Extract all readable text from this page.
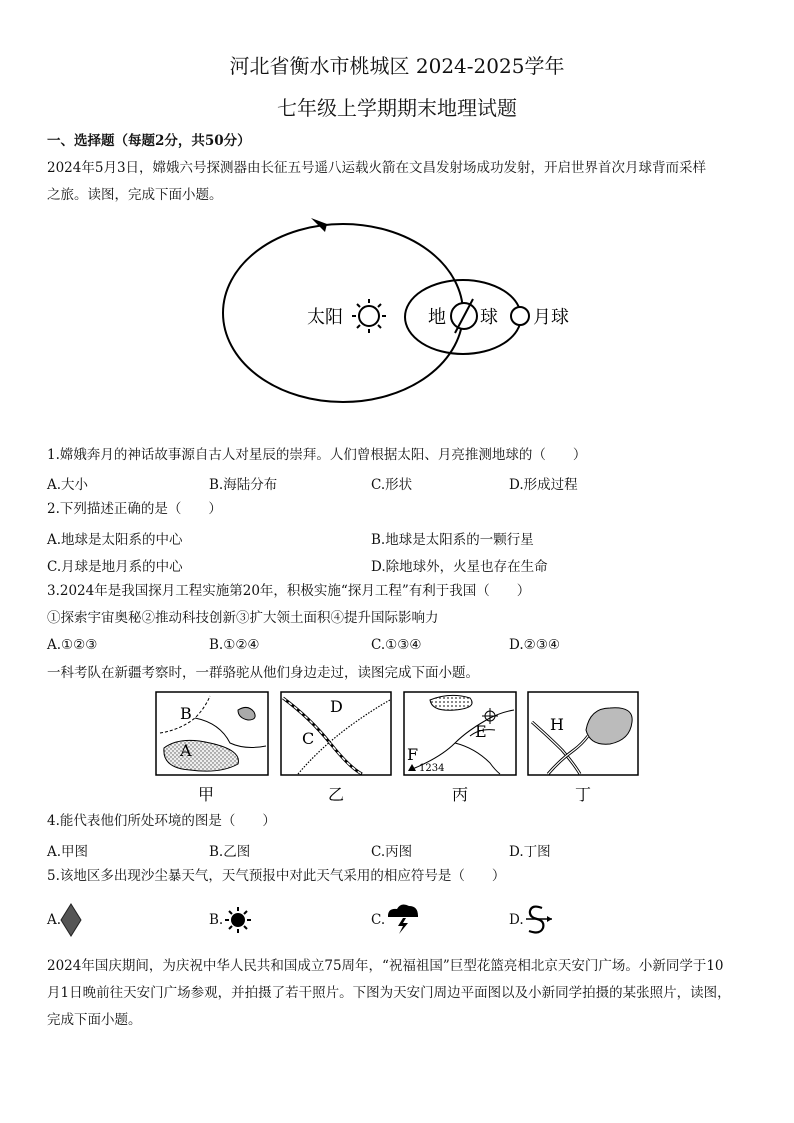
河北省衡水市桃城区 2024-2025学年
七年级上学期期末地理试题
一、选择题（每题2分，共50分）
2024年5月3日，嫦娥六号探测器由长征五号遥八运载火箭在文昌发射场成功发射，开启世界首次月球背而采样
之旅。读图，完成下面小题。
太阳	地 球 月球
1.嫦娥奔月的神话故事源自古人对星辰的崇拜。人们曾根据太阳、月亮推测地球的（　　）
A.大小	B.海陆分布	C.形状	D.形成过程
2.下列描述正确的是（　　）
A.地球是太阳系的中心	B.地球是太阳系的一颗行星
C.月球是地月系的中心	D.除地球外，火星也存在生命
3.2024年是我国探月工程实施第20年，积极实施“探月工程”有利于我国（　　）
①探索宇宙奥秘②推动科技创新③扩大领土面积④提升国际影响力
A.①②③	B.①②④	C.①③④	D.②③④
一科考队在新疆考察时，一群骆驼从他们身边走过，读图完成下面小题。
B
A
D
C	E
F
1234
H
甲	乙	丙	丁
4.能代表他们所处环境的图是（　　）
A.甲图	B.乙图	C.丙图	D.丁图
5.该地区多出现沙尘暴天气，天气预报中对此天气采用的相应符号是（　　）
A.	B.	C.	D.
2024年国庆期间，为庆祝中华人民共和国成立75周年，“祝福祖国”巨型花篮亮相北京天安门广场。小新同学于10
月1日晚前往天安门广场参观，并拍摄了若干照片。下图为天安门周边平面图以及小新同学拍摄的某张照片，读图，
完成下面小题。
